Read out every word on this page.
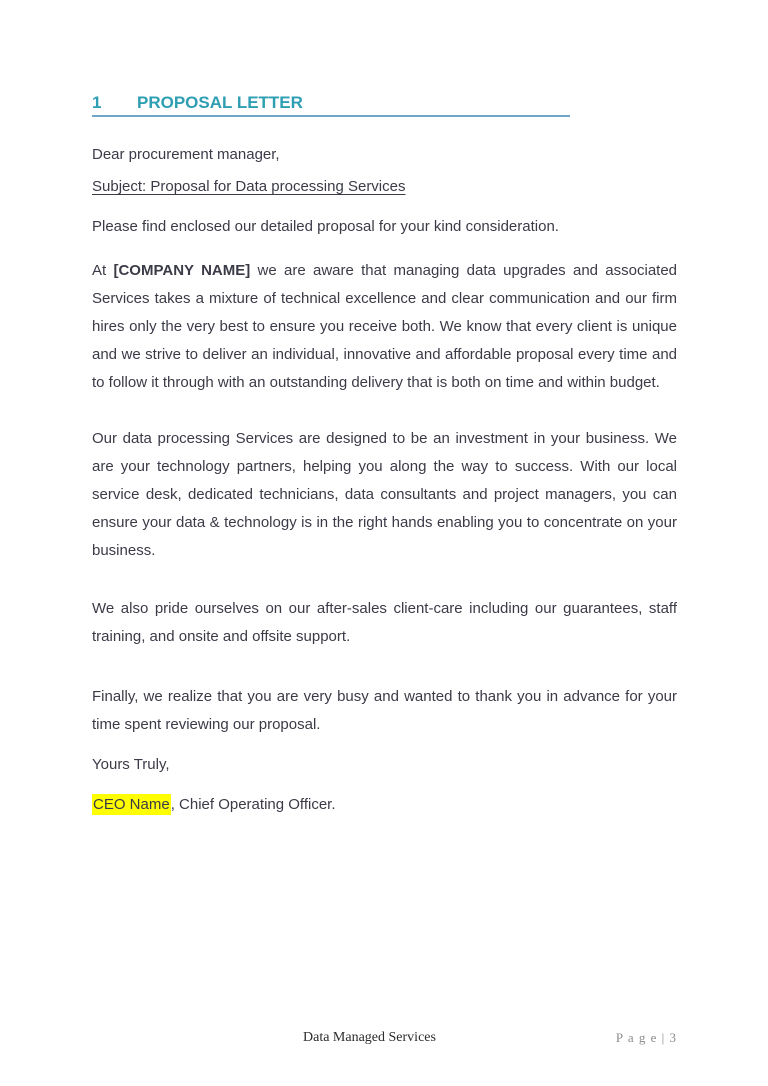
1 PROPOSAL LETTER

Dear procurement manager,

Subject: Proposal for Data processing Services

Please find enclosed our detailed proposal for your kind consideration.

At [COMPANY NAME] we are aware that managing data upgrades and associated Services takes a mixture of technical excellence and clear communication and our firm hires only the very best to ensure you receive both. We know that every client is unique and we strive to deliver an individual, innovative and affordable proposal every time and to follow it through with an outstanding delivery that is both on time and within budget.

Our data processing Services are designed to be an investment in your business. We are your technology partners, helping you along the way to success. With our local service desk, dedicated technicians, data consultants and project managers, you can ensure your data & technology is in the right hands enabling you to concentrate on your business.

We also pride ourselves on our after-sales client-care including our guarantees, staff training, and onsite and offsite support.

Finally, we realize that you are very busy and wanted to thank you in advance for your time spent reviewing our proposal.

Yours Truly,

CEO Name, Chief Operating Officer.

Data Managed Services	P a g e | 3
